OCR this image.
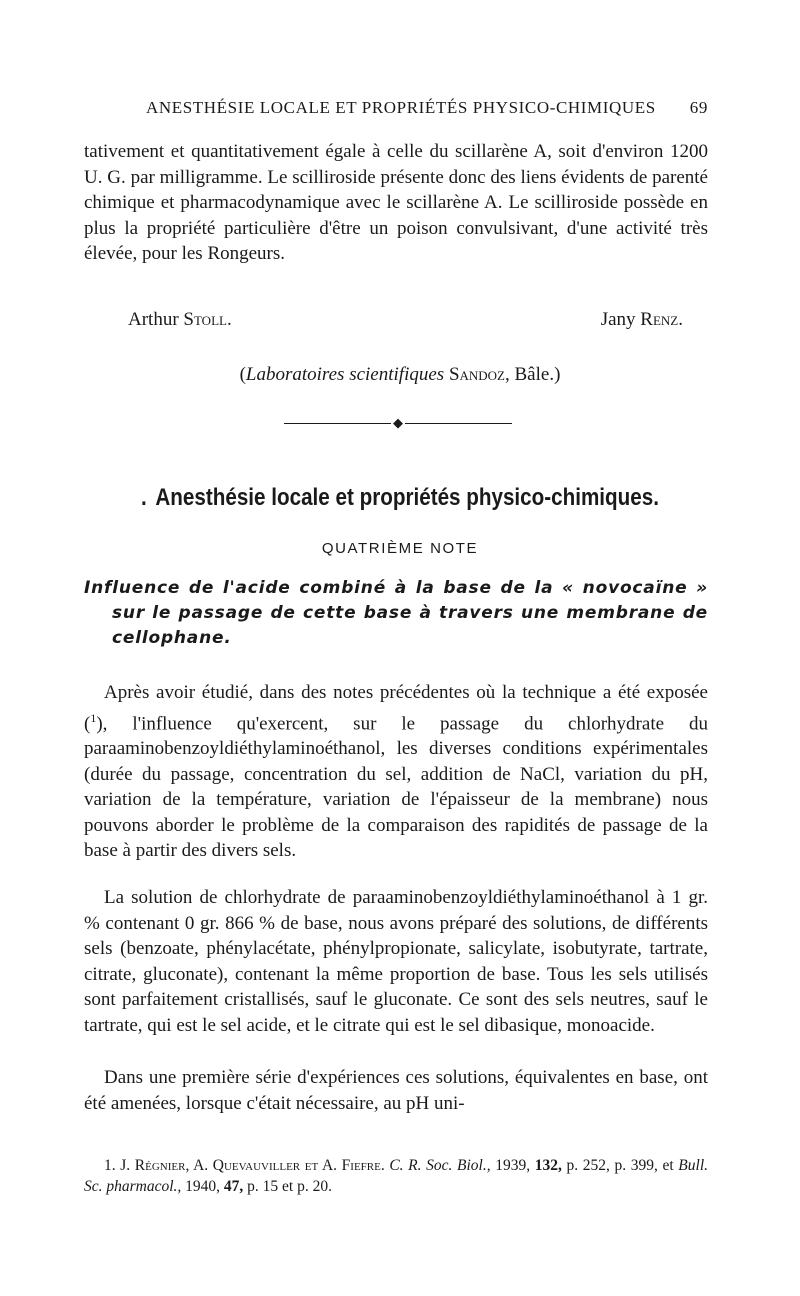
ANESTHÉSIE LOCALE ET PROPRIÉTÉS PHYSICO-CHIMIQUES 69

tativement et quantitativement égale à celle du scillarène A, soit d'environ 1200 U. G. par milligramme. Le scilliroside présente donc des liens évidents de parenté chimique et pharmacodynamique avec le scillarène A. Le scilliroside possède en plus la propriété particulière d'être un poison convulsivant, d'une activité très élevée, pour les Rongeurs.

Arthur Stoll.	Jany Renz.
(Laboratoires scientifiques Sandoz, Bâle.)
◆
. Anesthésie locale et propriétés physico-chimiques.
QUATRIÈME NOTE
Influence de l'acide combiné à la base de la « novocaïne »
sur le passage de cette base à travers une membrane de
cellophane.

Après avoir étudié, dans des notes précédentes où la technique a été exposée ($^1$), l'influence qu'exercent, sur le passage du chlorhydrate du paraaminobenzoyldiéthylaminoéthanol, les diverses conditions expérimentales (durée du passage, concentration du sel, addition de NaCl, variation du pH, variation de la température, variation de l'épaisseur de la membrane) nous pouvons aborder le problème de la comparaison des rapidités de passage de la base à partir des divers sels.

La solution de chlorhydrate de paraaminobenzoyldiéthylaminoéthanol à 1 gr. % contenant 0 gr. 866 % de base, nous avons préparé des solutions, de différents sels (benzoate, phénylacétate, phénylpropionate, salicylate, isobutyrate, tartrate, citrate, gluconate), contenant la même proportion de base. Tous les sels utilisés sont parfaitement cristallisés, sauf le gluconate. Ce sont des sels neutres, sauf le tartrate, qui est le sel acide, et le citrate qui est le sel dibasique, monoacide.

Dans une première série d'expériences ces solutions, équivalentes en base, ont été amenées, lorsque c'était nécessaire, au pH uni-

1. J. Régnier, A. Quevauviller et A. Fiefre. C. R. Soc. Biol., 1939, 132, p. 252, p. 399, et Bull. Sc. pharmacol., 1940, 47, p. 15 et p. 20.
